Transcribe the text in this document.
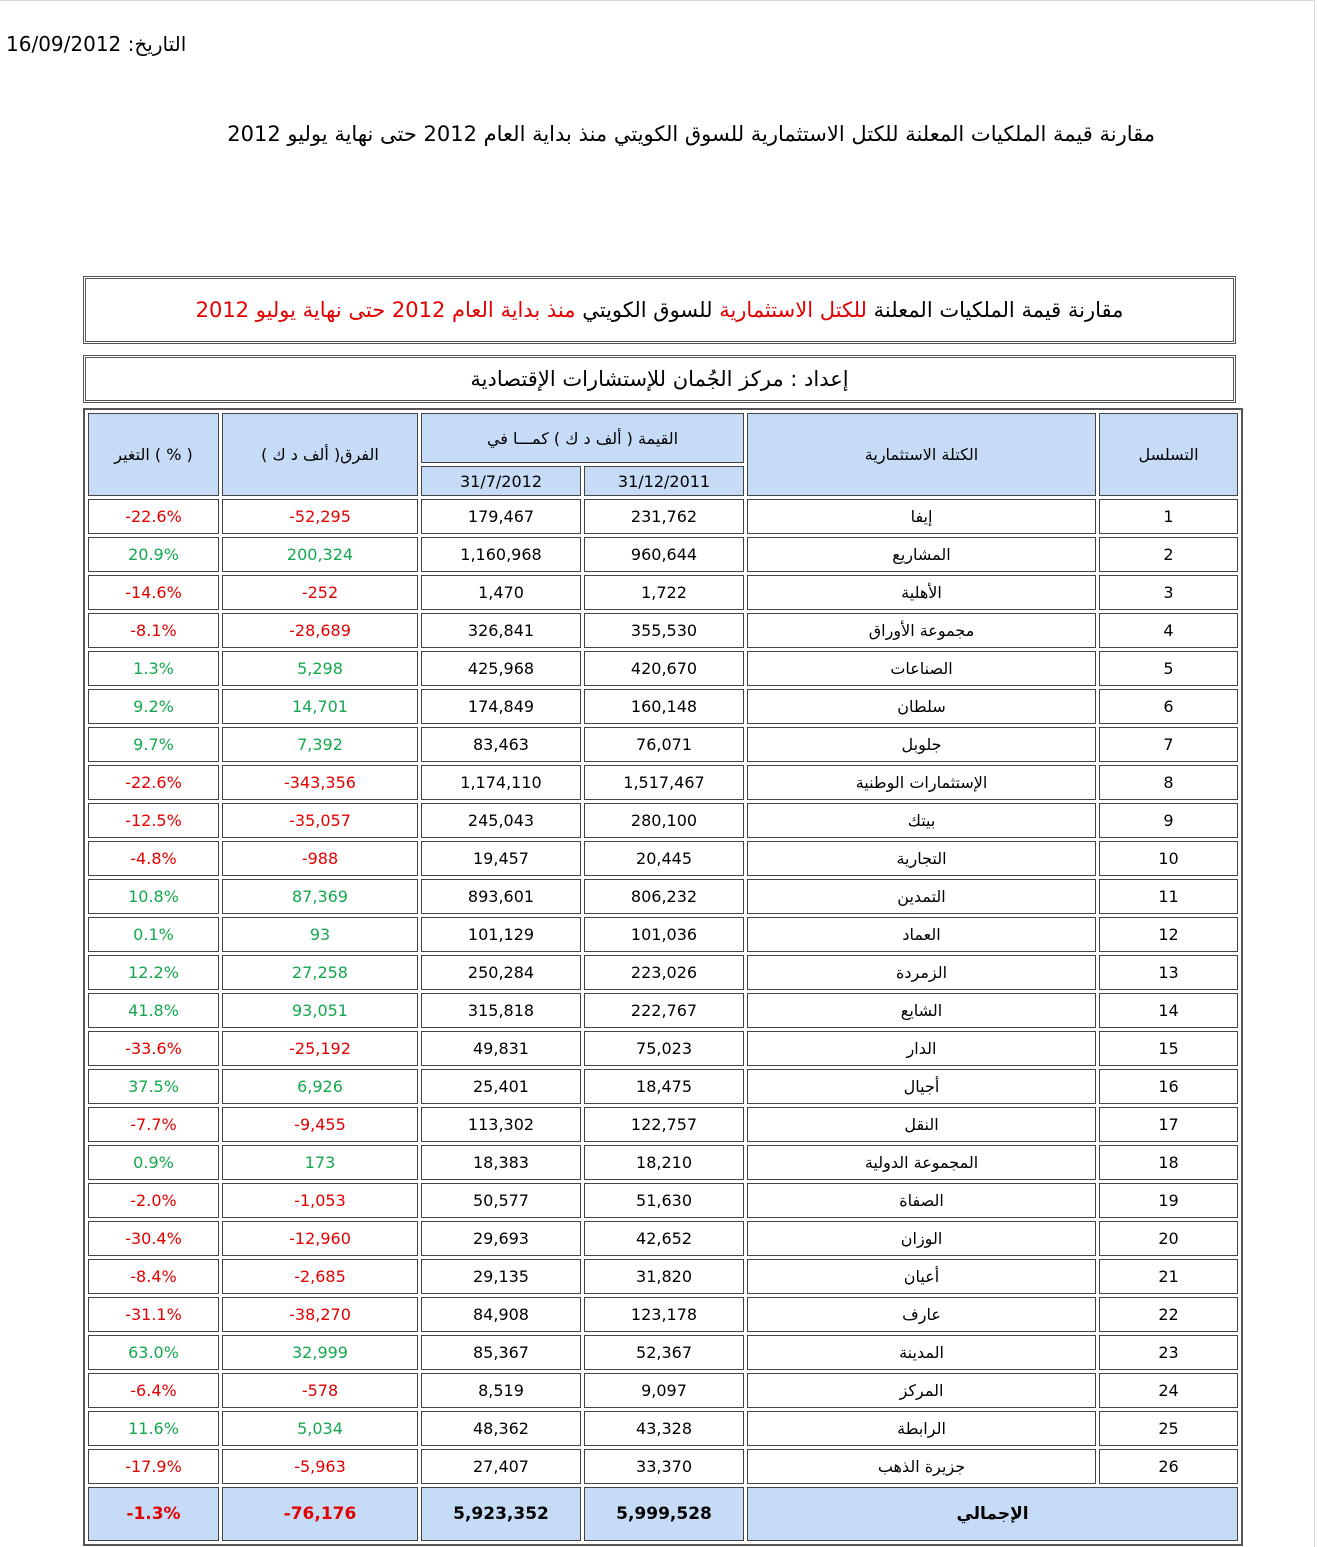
16/09/2012 التاريخ:
مقارنة قيمة الملكيات المعلنة للكتل الاستثمارية للسوق الكويتي منذ بداية العام 2012 حتى نهاية يوليو 2012
مقارنة قيمة الملكيات المعلنة

للكتل الاستثمارية

للسوق الكويتي

منذ بداية العام 2012 حتى نهاية يوليو 2012
إعداد : مركز الجُمان للإستشارات الإقتصادية
التغير ( % )	الفرق( ألف د ك )	القيمة ( ألف د ك ) كمـــا في		الكتلة الاستثمارية	التسلسل
		31/7/2012	31/12/2011		
-22.6%	-52,295	179,467	231,762	إيفا	1
20.9%	200,324	1,160,968	960,644	المشاريع	2
-14.6%	-252	1,470	1,722	الأهلية	3
-8.1%	-28,689	326,841	355,530	مجموعة الأوراق	4
1.3%	5,298	425,968	420,670	الصناعات	5
9.2%	14,701	174,849	160,148	سلطان	6
9.7%	7,392	83,463	76,071	جلوبل	7
-22.6%	-343,356	1,174,110	1,517,467	الإستثمارات الوطنية	8
-12.5%	-35,057	245,043	280,100	بيتك	9
-4.8%	-988	19,457	20,445	التجارية	10
10.8%	87,369	893,601	806,232	التمدين	11
0.1%	93	101,129	101,036	العماد	12
12.2%	27,258	250,284	223,026	الزمردة	13
41.8%	93,051	315,818	222,767	الشايع	14
-33.6%	-25,192	49,831	75,023	الدار	15
37.5%	6,926	25,401	18,475	أجيال	16
-7.7%	-9,455	113,302	122,757	النقل	17
0.9%	173	18,383	18,210	المجموعة الدولية	18
-2.0%	-1,053	50,577	51,630	الصفاة	19
-30.4%	-12,960	29,693	42,652	الوزان	20
-8.4%	-2,685	29,135	31,820	أعيان	21
-31.1%	-38,270	84,908	123,178	عارف	22
63.0%	32,999	85,367	52,367	المدينة	23
-6.4%	-578	8,519	9,097	المركز	24
11.6%	5,034	48,362	43,328	الرابطة	25
-17.9%	-5,963	27,407	33,370	جزيرة الذهب	26
-1.3%	-76,176	5,923,352	5,999,528	الإجمالي	
